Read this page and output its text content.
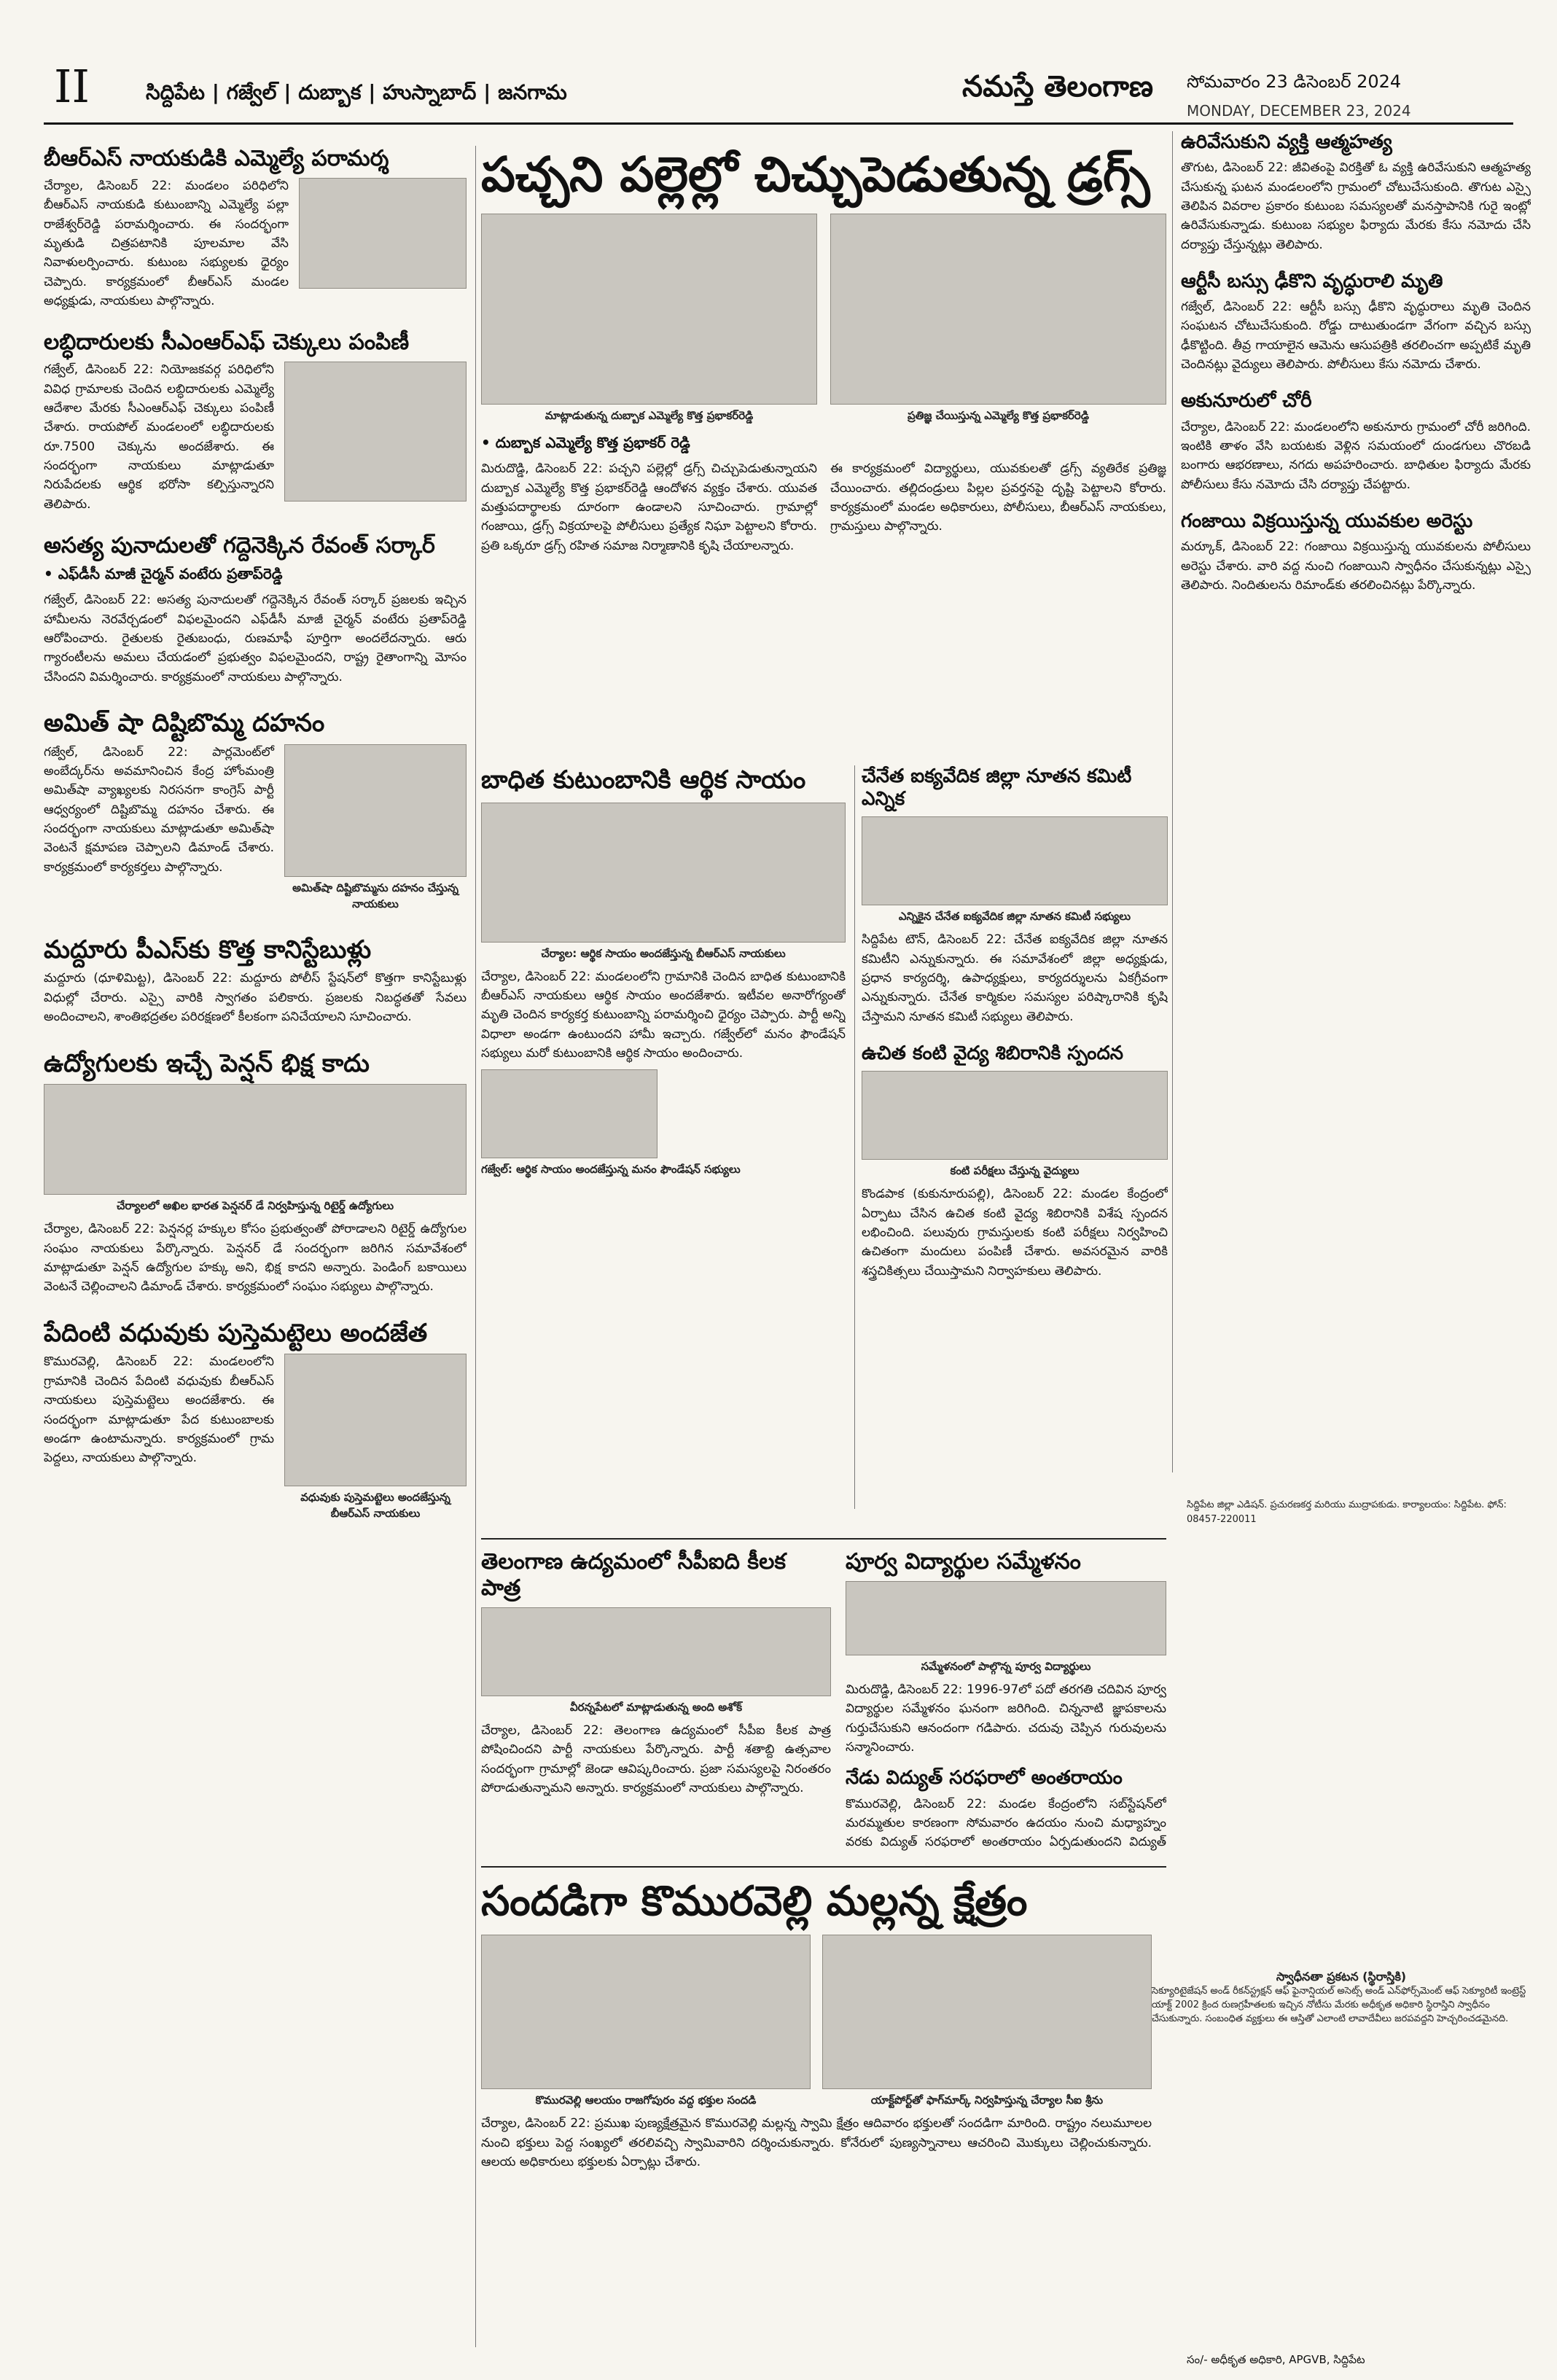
II	సిద్దిపేట | గజ్వేల్ | దుబ్బాక | హుస్నాబాద్ | జనగామ	నమస్తే తెలంగాణ సోమవారం 23 డిసెంబర్ 2024
MONDAY, DECEMBER 23, 2024
బీఆర్‌ఎస్ నాయకుడికి ఎమ్మెల్యే పరామర్శ

చేర్యాల, డిసెంబర్ 22: మండలం పరిధిలోని బీఆర్‌ఎస్ నాయకుడి కుటుంబాన్ని ఎమ్మెల్యే పల్లా రాజేశ్వర్‌రెడ్డి పరామర్శించారు. ఈ సందర్భంగా మృతుడి చిత్రపటానికి పూలమాల వేసి నివాళులర్పించారు. కుటుంబ సభ్యులకు ధైర్యం చెప్పారు. కార్యక్రమంలో బీఆర్‌ఎస్ మండల అధ్యక్షుడు, నాయకులు పాల్గొన్నారు.

లబ్ధిదారులకు సీఎంఆర్‌ఎఫ్ చెక్కులు పంపిణీ

గజ్వేల్, డిసెంబర్ 22: నియోజకవర్గ పరిధిలోని వివిధ గ్రామాలకు చెందిన లబ్ధిదారులకు ఎమ్మెల్యే ఆదేశాల మేరకు సీఎంఆర్‌ఎఫ్ చెక్కులు పంపిణీ చేశారు. రాయపోల్ మండలంలో లబ్ధిదారులకు రూ.7500 చెక్కును అందజేశారు. ఈ సందర్భంగా నాయకులు మాట్లాడుతూ నిరుపేదలకు ఆర్థిక భరోసా కల్పిస్తున్నారని తెలిపారు.

అసత్య పునాదులతో గద్దెనెక్కిన రేవంత్ సర్కార్
• ఎఫ్‌డీసీ మాజీ చైర్మన్ వంటేరు ప్రతాప్‌రెడ్డి

గజ్వేల్, డిసెంబర్ 22: అసత్య పునాదులతో గద్దెనెక్కిన రేవంత్ సర్కార్ ప్రజలకు ఇచ్చిన హామీలను నెరవేర్చడంలో విఫలమైందని ఎఫ్‌డీసీ మాజీ చైర్మన్ వంటేరు ప్రతాప్‌రెడ్డి ఆరోపించారు. రైతులకు రైతుబంధు, రుణమాఫీ పూర్తిగా అందలేదన్నారు. ఆరు గ్యారంటీలను అమలు చేయడంలో ప్రభుత్వం విఫలమైందని, రాష్ట్ర రైతాంగాన్ని మోసం చేసిందని విమర్శించారు. కార్యక్రమంలో నాయకులు పాల్గొన్నారు.

అమిత్ షా దిష్టిబొమ్మ దహనం

గజ్వేల్, డిసెంబర్ 22: పార్లమెంట్‌లో అంబేద్కర్‌ను అవమానించిన కేంద్ర హోంమంత్రి అమిత్‌షా వ్యాఖ్యలకు నిరసనగా కాంగ్రెస్ పార్టీ ఆధ్వర్యంలో దిష్టిబొమ్మ దహనం చేశారు. ఈ సందర్భంగా నాయకులు మాట్లాడుతూ అమిత్‌షా వెంటనే క్షమాపణ చెప్పాలని డిమాండ్ చేశారు. కార్యక్రమంలో కార్యకర్తలు పాల్గొన్నారు.

అమిత్‌షా దిష్టిబొమ్మను దహనం చేస్తున్న నాయకులు
మద్దూరు పీఎస్‌కు కొత్త కానిస్టేబుళ్లు

మద్దూరు (ధూళిమిట్ట), డిసెంబర్ 22: మద్దూరు పోలీస్ స్టేషన్‌లో కొత్తగా కానిస్టేబుళ్లు విధుల్లో చేరారు. ఎస్సై వారికి స్వాగతం పలికారు. ప్రజలకు నిబద్ధతతో సేవలు అందించాలని, శాంతిభద్రతల పరిరక్షణలో కీలకంగా పనిచేయాలని సూచించారు.

ఉద్యోగులకు ఇచ్చే పెన్షన్ భిక్ష కాదు
చేర్యాలలో అఖిల భారత పెన్షనర్ డే నిర్వహిస్తున్న రిటైర్డ్ ఉద్యోగులు

చేర్యాల, డిసెంబర్ 22: పెన్షనర్ల హక్కుల కోసం ప్రభుత్వంతో పోరాడాలని రిటైర్డ్ ఉద్యోగుల సంఘం నాయకులు పేర్కొన్నారు. పెన్షనర్ డే సందర్భంగా జరిగిన సమావేశంలో మాట్లాడుతూ పెన్షన్ ఉద్యోగుల హక్కు అని, భిక్ష కాదని అన్నారు. పెండింగ్ బకాయిలు వెంటనే చెల్లించాలని డిమాండ్ చేశారు. కార్యక్రమంలో సంఘం సభ్యులు పాల్గొన్నారు.

పేదింటి వధువుకు పుస్తెమట్టెలు అందజేత

కొమురవెల్లి, డిసెంబర్ 22: మండలంలోని గ్రామానికి చెందిన పేదింటి వధువుకు బీఆర్‌ఎస్ నాయకులు పుస్తెమట్టెలు అందజేశారు. ఈ సందర్భంగా మాట్లాడుతూ పేద కుటుంబాలకు అండగా ఉంటామన్నారు. కార్యక్రమంలో గ్రామ పెద్దలు, నాయకులు పాల్గొన్నారు.

వధువుకు పుస్తెమట్టెలు అందజేస్తున్న బీఆర్‌ఎస్ నాయకులు
పచ్చని పల్లెల్లో చిచ్చుపెడుతున్న డ్రగ్స్
మాట్లాడుతున్న దుబ్బాక ఎమ్మెల్యే కొత్త ప్రభాకర్‌రెడ్డి	ప్రతిజ్ఞ చేయిస్తున్న ఎమ్మెల్యే కొత్త ప్రభాకర్‌రెడ్డి
• దుబ్బాక ఎమ్మెల్యే కొత్త ప్రభాకర్ రెడ్డి

మిరుదొడ్డి, డిసెంబర్ 22: పచ్చని పల్లెల్లో డ్రగ్స్ చిచ్చుపెడుతున్నాయని దుబ్బాక ఎమ్మెల్యే కొత్త ప్రభాకర్‌రెడ్డి ఆందోళన వ్యక్తం చేశారు. యువత మత్తుపదార్థాలకు దూరంగా ఉండాలని సూచించారు. గ్రామాల్లో గంజాయి, డ్రగ్స్ విక్రయాలపై పోలీసులు ప్రత్యేక నిఘా పెట్టాలని కోరారు. ప్రతి ఒక్కరూ డ్రగ్స్ రహిత సమాజ నిర్మాణానికి కృషి చేయాలన్నారు.

ఈ కార్యక్రమంలో విద్యార్థులు, యువకులతో డ్రగ్స్ వ్యతిరేక ప్రతిజ్ఞ చేయించారు. తల్లిదండ్రులు పిల్లల ప్రవర్తనపై దృష్టి పెట్టాలని కోరారు. కార్యక్రమంలో మండల అధికారులు, పోలీసులు, బీఆర్‌ఎస్ నాయకులు, గ్రామస్తులు పాల్గొన్నారు.

ఉరివేసుకుని వ్యక్తి ఆత్మహత్య

తొగుట, డిసెంబర్ 22: జీవితంపై విరక్తితో ఓ వ్యక్తి ఉరివేసుకుని ఆత్మహత్య చేసుకున్న ఘటన మండలంలోని గ్రామంలో చోటుచేసుకుంది. తొగుట ఎస్సై తెలిపిన వివరాల ప్రకారం కుటుంబ సమస్యలతో మనస్తాపానికి గురై ఇంట్లో ఉరివేసుకున్నాడు. కుటుంబ సభ్యుల ఫిర్యాదు మేరకు కేసు నమోదు చేసి దర్యాప్తు చేస్తున్నట్లు తెలిపారు.

ఆర్టీసీ బస్సు ఢీకొని వృద్ధురాలి మృతి

గజ్వేల్, డిసెంబర్ 22: ఆర్టీసీ బస్సు ఢీకొని వృద్ధురాలు మృతి చెందిన సంఘటన చోటుచేసుకుంది. రోడ్డు దాటుతుండగా వేగంగా వచ్చిన బస్సు ఢీకొట్టింది. తీవ్ర గాయాలైన ఆమెను ఆసుపత్రికి తరలించగా అప్పటికే మృతి చెందినట్లు వైద్యులు తెలిపారు. పోలీసులు కేసు నమోదు చేశారు.

అకునూరులో చోరీ

చేర్యాల, డిసెంబర్ 22: మండలంలోని అకునూరు గ్రామంలో చోరీ జరిగింది. ఇంటికి తాళం వేసి బయటకు వెళ్లిన సమయంలో దుండగులు చొరబడి బంగారు ఆభరణాలు, నగదు అపహరించారు. బాధితుల ఫిర్యాదు మేరకు పోలీసులు కేసు నమోదు చేసి దర్యాప్తు చేపట్టారు.

గంజాయి విక్రయిస్తున్న యువకుల అరెస్టు

మర్కూక్, డిసెంబర్ 22: గంజాయి విక్రయిస్తున్న యువకులను పోలీసులు అరెస్టు చేశారు. వారి వద్ద నుంచి గంజాయిని స్వాధీనం చేసుకున్నట్లు ఎస్సై తెలిపారు. నిందితులను రిమాండ్‌కు తరలించినట్లు పేర్కొన్నారు.

బాధిత కుటుంబానికి ఆర్థిక సాయం
చేర్యాల: ఆర్థిక సాయం అందజేస్తున్న బీఆర్‌ఎస్ నాయకులు

చేర్యాల, డిసెంబర్ 22: మండలంలోని గ్రామానికి చెందిన బాధిత కుటుంబానికి బీఆర్‌ఎస్ నాయకులు ఆర్థిక సాయం అందజేశారు. ఇటీవల అనారోగ్యంతో మృతి చెందిన కార్యకర్త కుటుంబాన్ని పరామర్శించి ధైర్యం చెప్పారు. పార్టీ అన్ని విధాలా అండగా ఉంటుందని హామీ ఇచ్చారు. గజ్వేల్‌లో మనం ఫౌండేషన్ సభ్యులు మరో కుటుంబానికి ఆర్థిక సాయం అందించారు.

గజ్వేల్: ఆర్థిక సాయం అందజేస్తున్న మనం ఫౌండేషన్ సభ్యులు
చేనేత ఐక్యవేదిక జిల్లా నూతన కమిటీ ఎన్నిక
ఎన్నికైన చేనేత ఐక్యవేదిక జిల్లా నూతన కమిటీ సభ్యులు

సిద్దిపేట టౌన్, డిసెంబర్ 22: చేనేత ఐక్యవేదిక జిల్లా నూతన కమిటీని ఎన్నుకున్నారు. ఈ సమావేశంలో జిల్లా అధ్యక్షుడు, ప్రధాన కార్యదర్శి, ఉపాధ్యక్షులు, కార్యదర్శులను ఏకగ్రీవంగా ఎన్నుకున్నారు. చేనేత కార్మికుల సమస్యల పరిష్కారానికి కృషి చేస్తామని నూతన కమిటీ సభ్యులు తెలిపారు.

ఉచిత కంటి వైద్య శిబిరానికి స్పందన
కంటి పరీక్షలు చేస్తున్న వైద్యులు

కొండపాక (కుకునూరుపల్లి), డిసెంబర్ 22: మండల కేంద్రంలో ఏర్పాటు చేసిన ఉచిత కంటి వైద్య శిబిరానికి విశేష స్పందన లభించింది. పలువురు గ్రామస్తులకు కంటి పరీక్షలు నిర్వహించి ఉచితంగా మందులు పంపిణీ చేశారు. అవసరమైన వారికి శస్త్రచికిత్సలు చేయిస్తామని నిర్వాహకులు తెలిపారు.

తెలంగాణ ఉద్యమంలో సీపీఐది కీలక పాత్ర
వీరన్నపేటలో మాట్లాడుతున్న అంది అశోక్

చేర్యాల, డిసెంబర్ 22: తెలంగాణ ఉద్యమంలో సీపీఐ కీలక పాత్ర పోషించిందని పార్టీ నాయకులు పేర్కొన్నారు. పార్టీ శతాబ్ది ఉత్సవాల సందర్భంగా గ్రామాల్లో జెండా ఆవిష్కరించారు. ప్రజా సమస్యలపై నిరంతరం పోరాడుతున్నామని అన్నారు. కార్యక్రమంలో నాయకులు పాల్గొన్నారు.

పూర్వ విద్యార్థుల సమ్మేళనం
సమ్మేళనంలో పాల్గొన్న పూర్వ విద్యార్థులు

మిరుదొడ్డి, డిసెంబర్ 22: 1996-97లో పదో తరగతి చదివిన పూర్వ విద్యార్థుల సమ్మేళనం ఘనంగా జరిగింది. చిన్ననాటి జ్ఞాపకాలను గుర్తుచేసుకుని ఆనందంగా గడిపారు. చదువు చెప్పిన గురువులను సన్మానించారు.

నేడు విద్యుత్ సరఫరాలో అంతరాయం

కొమురవెల్లి, డిసెంబర్ 22: మండల కేంద్రంలోని సబ్‌స్టేషన్‌లో మరమ్మతుల కారణంగా సోమవారం ఉదయం నుంచి మధ్యాహ్నం వరకు విద్యుత్ సరఫరాలో అంతరాయం ఏర్పడుతుందని విద్యుత్

సందడిగా కొమురవెల్లి మల్లన్న క్షేత్రం
కొమురవెల్లి ఆలయం రాజగోపురం వద్ద భక్తుల సందడి	యాక్ట్‌పోర్ట్‌తో ఫాగ్‌మార్క్ నిర్వహిస్తున్న చేర్యాల సీఐ శ్రీను

చేర్యాల, డిసెంబర్ 22: ప్రముఖ పుణ్యక్షేత్రమైన కొమురవెల్లి మల్లన్న స్వామి క్షేత్రం ఆదివారం భక్తులతో సందడిగా మారింది. రాష్ట్రం నలుమూలల నుంచి భక్తులు పెద్ద సంఖ్యలో తరలివచ్చి స్వామివారిని దర్శించుకున్నారు. కోనేరులో పుణ్యస్నానాలు ఆచరించి మొక్కులు చెల్లించుకున్నారు. ఆలయ అధికారులు భక్తులకు ఏర్పాట్లు చేశారు.

సిద్దిపేట జిల్లా ఎడిషన్. ప్రచురణకర్త మరియు ముద్రాపకుడు. కార్యాలయం: సిద్దిపేట. ఫోన్: 08457-220011
స్వాధీనతా ప్రకటన (స్థిరాస్తికి)
సెక్యూరిటైజేషన్ అండ్ రీకన్‌స్ట్రక్షన్ ఆఫ్ ఫైనాన్షియల్ అసెట్స్ అండ్ ఎన్‌ఫోర్స్‌మెంట్ ఆఫ్ సెక్యూరిటీ ఇంట్రెస్ట్ యాక్ట్ 2002 క్రింద రుణగ్రహీతలకు ఇచ్చిన నోటీసు మేరకు అధీకృత అధికారి స్థిరాస్తిని స్వాధీనం చేసుకున్నారు. సంబంధిత వ్యక్తులు ఈ ఆస్తితో ఎలాంటి లావాదేవీలు జరపవద్దని హెచ్చరించడమైనది.
సం/- అధీకృత అధికారి, APGVB, సిద్దిపేట
